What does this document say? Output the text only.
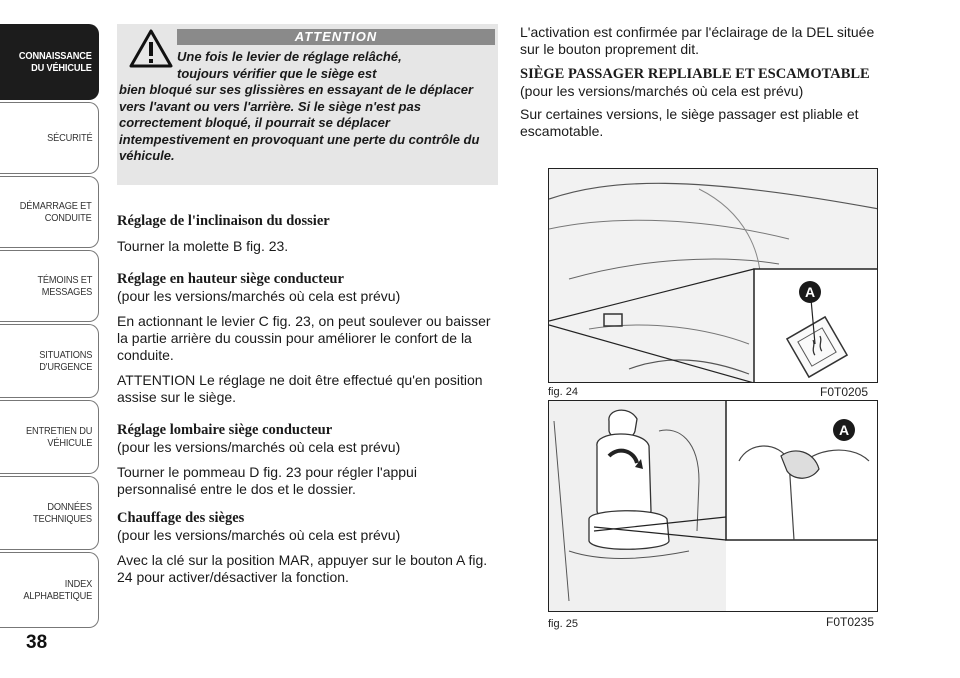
CONNAISSANCE
DU VÉHICULE
SÉCURITÉ
DÉMARRAGE ET
CONDUITE
TÉMOINS ET
MESSAGES
SITUATIONS
D'URGENCE
ENTRETIEN DU
VÉHICULE
DONNÉES
TECHNIQUES
INDEX
ALPHABETIQUE
38
ATTENTION
Une fois le levier de réglage relâché,
toujours vérifier que le siège est
bien bloqué sur ses glissières en essayant de le déplacer vers l'avant ou vers l'arrière. Si le siège n'est pas correctement bloqué, il pourrait se déplacer intempestivement en provoquant une perte du contrôle du véhicule.

Réglage de l'inclinaison du dossier

Tourner la molette B fig. 23.

Réglage en hauteur siège conducteur

(pour les versions/marchés où cela est prévu)

En actionnant le levier C fig. 23, on peut soulever ou baisser la partie arrière du coussin pour améliorer le confort de la conduite.

ATTENTION Le réglage ne doit être effectué qu'en position assise sur le siège.

Réglage lombaire siège conducteur

(pour les versions/marchés où cela est prévu)

Tourner le pommeau D fig. 23 pour régler l'appui personnalisé entre le dos et le dossier.

Chauffage des sièges

(pour les versions/marchés où cela est prévu)

Avec la clé sur la position MAR, appuyer sur le bouton A fig. 24 pour activer/désactiver la fonction.

L'activation est confirmée par l'éclairage de la DEL située sur le bouton proprement dit.

SIÈGE PASSAGER REPLIABLE ET ESCAMOTABLE

(pour les versions/marchés où cela est prévu)

Sur certaines versions, le siège passager est pliable et escamotable.

A
fig. 24	F0T0205
A
fig. 25	F0T0235
